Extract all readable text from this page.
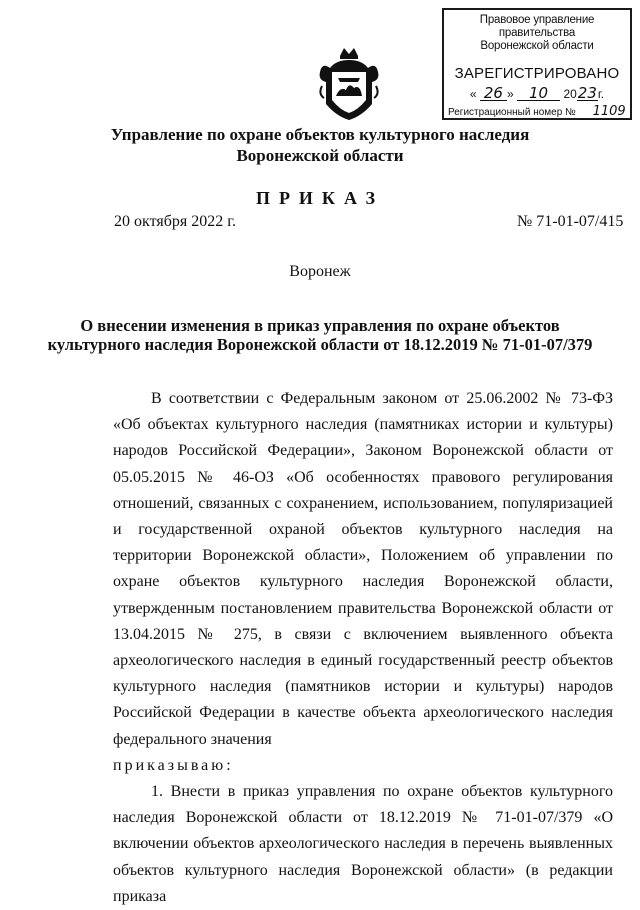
Правовое управление правительства
Воронежской области
ЗАРЕГИСТРИРОВАНО
« 26 » 10 2023г.
Регистрационный номер № 1109
Управление по охране объектов культурного наследия
Воронежской области
ПРИКАЗ
20 октября 2022 г.	№ 71-01-07/415
Воронеж
О внесении изменения в приказ управления по охране объектов
культурного наследия Воронежской области от 18.12.2019 № 71-01-07/379

В соответствии с Федеральным законом от 25.06.2002 № 73-ФЗ «Об объектах культурного наследия (памятниках истории и культуры) народов Российской Федерации», Законом Воронежской области от 05.05.2015 № 46-ОЗ «Об особенностях правового регулирования отношений, связанных с сохранением, использованием, популяризацией и государственной охраной объектов культурного наследия на территории Воронежской области», Положением об управлении по охране объектов культурного наследия Воронежской области, утвержденным постановлением правительства Воронежской области от 13.04.2015 № 275, в связи с включением выявленного объекта археологического наследия в единый государственный реестр объектов культурного наследия (памятников истории и культуры) народов Российской Федерации в качестве объекта археологического наследия федерального значения

приказываю:

1. Внести в приказ управления по охране объектов культурного наследия Воронежской области от 18.12.2019 № 71-01-07/379 «О включении объектов археологического наследия в перечень выявленных объектов культурного наследия Воронежской области» (в редакции приказа
